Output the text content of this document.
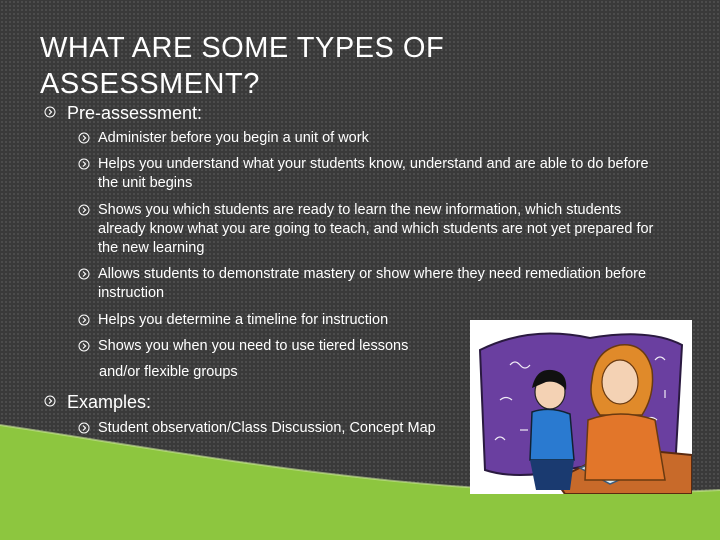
WHAT ARE SOME TYPES OF ASSESSMENT?
Pre-assessment:
Administer before you begin a unit of work
Helps you understand what your students know, understand and are able to do before the unit begins
Shows you which students are ready to learn the new information, which students already know what you are going to teach, and which students are not yet prepared for the new learning
Allows students to demonstrate mastery or show where they need remediation before instruction
Helps you determine a timeline for instruction
Shows you when you need to use tiered lessons
and/or flexible groups
Examples:
Student observation/Class Discussion, Concept Map
